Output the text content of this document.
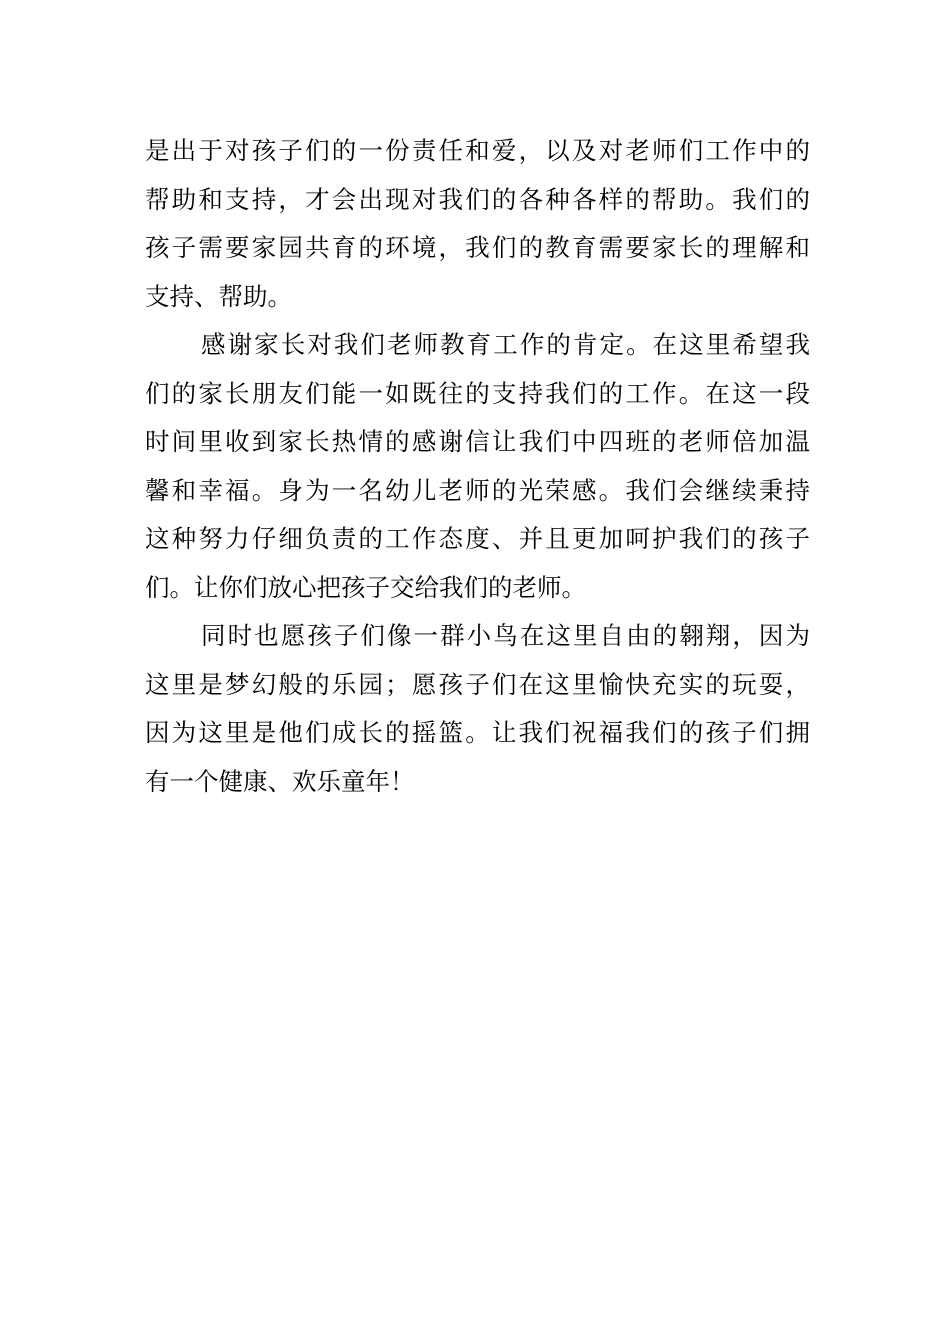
是出于对孩子们的一份责任和爱，以及对老师们工作中的
帮助和支持，才会出现对我们的各种各样的帮助。我们的
孩子需要家园共育的环境，我们的教育需要家长的理解和
支持、帮助。
感谢家长对我们老师教育工作的肯定。在这里希望我
们的家长朋友们能一如既往的支持我们的工作。在这一段
时间里收到家长热情的感谢信让我们中四班的老师倍加温
馨和幸福。身为一名幼儿老师的光荣感。我们会继续秉持
这种努力仔细负责的工作态度、并且更加呵护我们的孩子
们。让你们放心把孩子交给我们的老师。
同时也愿孩子们像一群小鸟在这里自由的翱翔，因为
这里是梦幻般的乐园；愿孩子们在这里愉快充实的玩耍，
因为这里是他们成长的摇篮。让我们祝福我们的孩子们拥
有一个健康、欢乐童年！
